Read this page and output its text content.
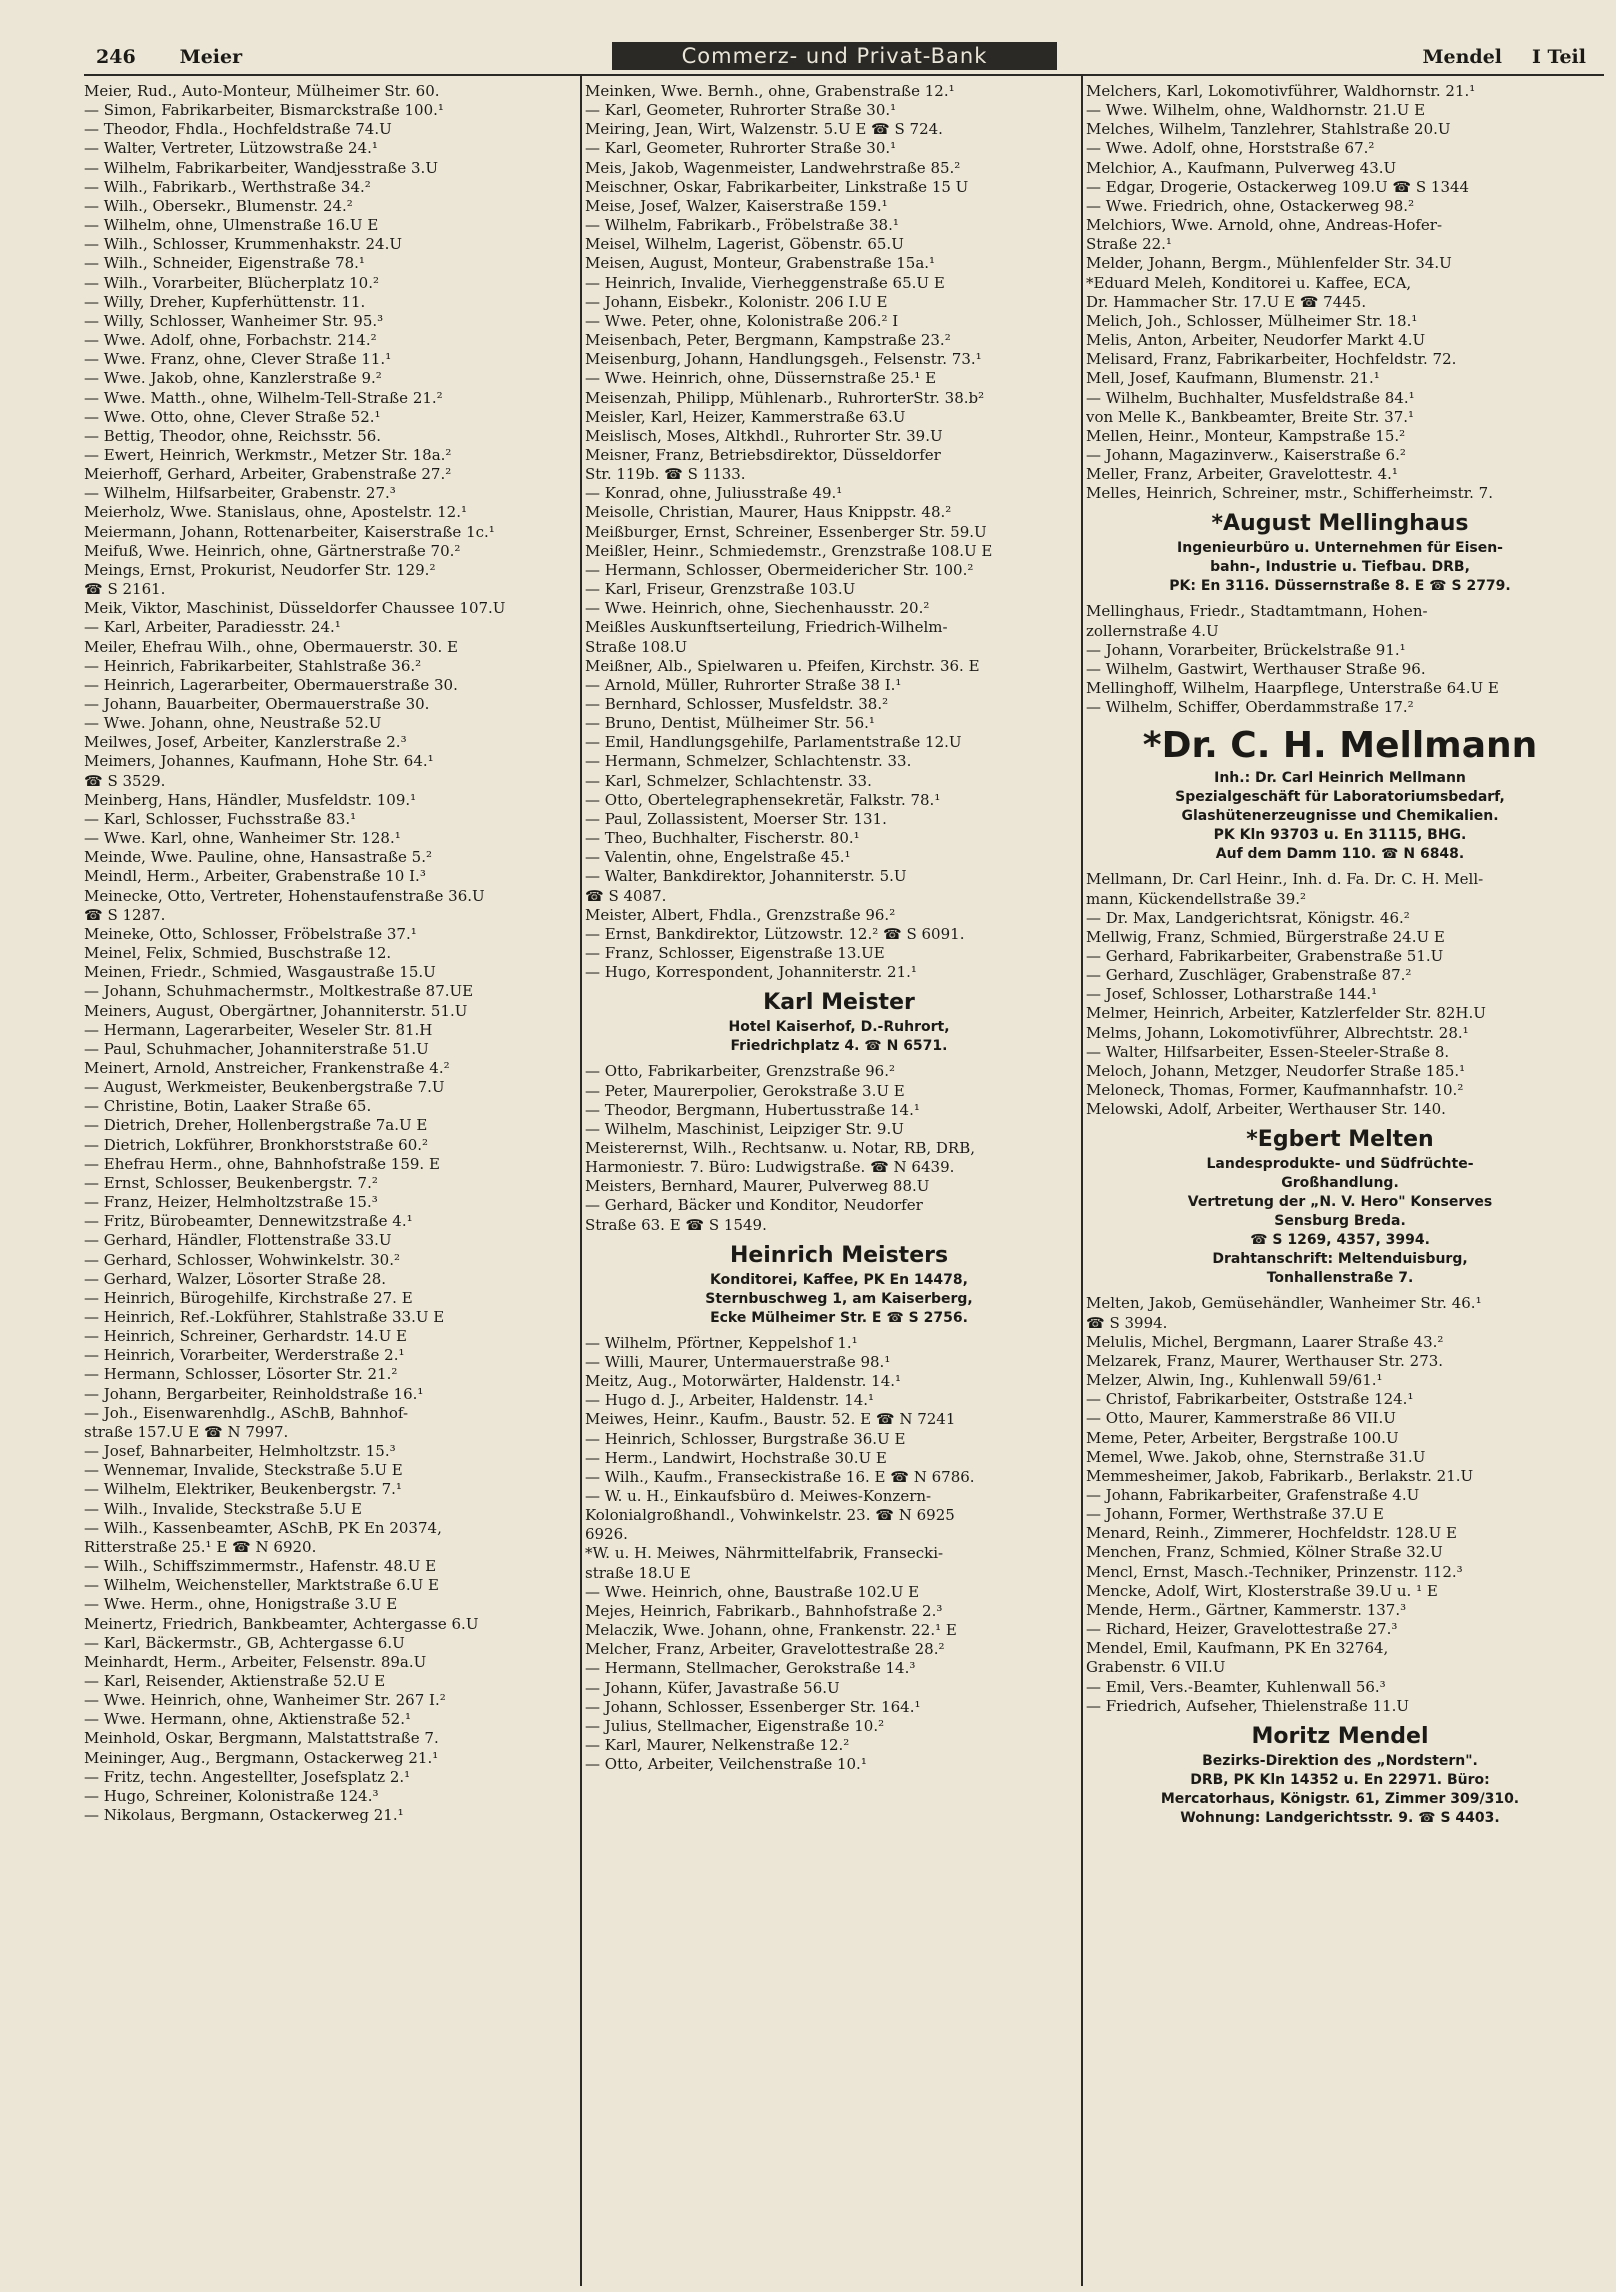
246 Meier	Commerz- und Privat-Bank	Mendel I Teil
Meier, Rud., Auto-Monteur, Mülheimer Str. 60.
— Simon, Fabrikarbeiter, Bismarckstraße 100.¹
— Theodor, Fhdla., Hochfeldstraße 74.U
— Walter, Vertreter, Lützowstraße 24.¹
— Wilhelm, Fabrikarbeiter, Wandjesstraße 3.U
— Wilh., Fabrikarb., Werthstraße 34.²
— Wilh., Obersekr., Blumenstr. 24.²
— Wilhelm, ohne, Ulmenstraße 16.U E
— Wilh., Schlosser, Krummenhakstr. 24.U
— Wilh., Schneider, Eigenstraße 78.¹
— Wilh., Vorarbeiter, Blücherplatz 10.²
— Willy, Dreher, Kupferhüttenstr. 11.
— Willy, Schlosser, Wanheimer Str. 95.³
— Wwe. Adolf, ohne, Forbachstr. 214.²
— Wwe. Franz, ohne, Clever Straße 11.¹
— Wwe. Jakob, ohne, Kanzlerstraße 9.²
— Wwe. Matth., ohne, Wilhelm-Tell-Straße 21.²
— Wwe. Otto, ohne, Clever Straße 52.¹
— Bettig, Theodor, ohne, Reichsstr. 56.
— Ewert, Heinrich, Werkmstr., Metzer Str. 18a.²
Meierhoff, Gerhard, Arbeiter, Grabenstraße 27.²
— Wilhelm, Hilfsarbeiter, Grabenstr. 27.³
Meierholz, Wwe. Stanislaus, ohne, Apostelstr. 12.¹
Meiermann, Johann, Rottenarbeiter, Kaiserstraße 1c.¹
Meifuß, Wwe. Heinrich, ohne, Gärtnerstraße 70.²
Meings, Ernst, Prokurist, Neudorfer Str. 129.²
☎ S 2161.
Meik, Viktor, Maschinist, Düsseldorfer Chaussee 107.U
— Karl, Arbeiter, Paradiesstr. 24.¹
Meiler, Ehefrau Wilh., ohne, Obermauerstr. 30. E
— Heinrich, Fabrikarbeiter, Stahlstraße 36.²
— Heinrich, Lagerarbeiter, Obermauerstraße 30.
— Johann, Bauarbeiter, Obermauerstraße 30.
— Wwe. Johann, ohne, Neustraße 52.U
Meilwes, Josef, Arbeiter, Kanzlerstraße 2.³
Meimers, Johannes, Kaufmann, Hohe Str. 64.¹
☎ S 3529.
Meinberg, Hans, Händler, Musfeldstr. 109.¹
— Karl, Schlosser, Fuchsstraße 83.¹
— Wwe. Karl, ohne, Wanheimer Str. 128.¹
Meinde, Wwe. Pauline, ohne, Hansastraße 5.²
Meindl, Herm., Arbeiter, Grabenstraße 10 I.³
Meinecke, Otto, Vertreter, Hohenstaufenstraße 36.U
☎ S 1287.
Meineke, Otto, Schlosser, Fröbelstraße 37.¹
Meinel, Felix, Schmied, Buschstraße 12.
Meinen, Friedr., Schmied, Wasgaustraße 15.U
— Johann, Schuhmachermstr., Moltkestraße 87.UE
Meiners, August, Obergärtner, Johanniterstr. 51.U
— Hermann, Lagerarbeiter, Weseler Str. 81.H
— Paul, Schuhmacher, Johanniterstraße 51.U
Meinert, Arnold, Anstreicher, Frankenstraße 4.²
— August, Werkmeister, Beukenbergstraße 7.U
— Christine, Botin, Laaker Straße 65.
— Dietrich, Dreher, Hollenbergstraße 7a.U E
— Dietrich, Lokführer, Bronkhorststraße 60.²
— Ehefrau Herm., ohne, Bahnhofstraße 159. E
— Ernst, Schlosser, Beukenbergstr. 7.²
— Franz, Heizer, Helmholtzstraße 15.³
— Fritz, Bürobeamter, Dennewitzstraße 4.¹
— Gerhard, Händler, Flottenstraße 33.U
— Gerhard, Schlosser, Wohwinkelstr. 30.²
— Gerhard, Walzer, Lösorter Straße 28.
— Heinrich, Bürogehilfe, Kirchstraße 27. E
— Heinrich, Ref.-Lokführer, Stahlstraße 33.U E
— Heinrich, Schreiner, Gerhardstr. 14.U E
— Heinrich, Vorarbeiter, Werderstraße 2.¹
— Hermann, Schlosser, Lösorter Str. 21.²
— Johann, Bergarbeiter, Reinholdstraße 16.¹
— Joh., Eisenwarenhdlg., ASchB, Bahnhof-
straße 157.U E ☎ N 7997.
— Josef, Bahnarbeiter, Helmholtzstr. 15.³
— Wennemar, Invalide, Steckstraße 5.U E
— Wilhelm, Elektriker, Beukenbergstr. 7.¹
— Wilh., Invalide, Steckstraße 5.U E
— Wilh., Kassenbeamter, ASchB, PK En 20374,
Ritterstraße 25.¹ E ☎ N 6920.
— Wilh., Schiffszimmermstr., Hafenstr. 48.U E
— Wilhelm, Weichensteller, Marktstraße 6.U E
— Wwe. Herm., ohne, Honigstraße 3.U E
Meinertz, Friedrich, Bankbeamter, Achtergasse 6.U
— Karl, Bäckermstr., GB, Achtergasse 6.U
Meinhardt, Herm., Arbeiter, Felsenstr. 89a.U
— Karl, Reisender, Aktienstraße 52.U E
— Wwe. Heinrich, ohne, Wanheimer Str. 267 I.²
— Wwe. Hermann, ohne, Aktienstraße 52.¹
Meinhold, Oskar, Bergmann, Malstattstraße 7.
Meininger, Aug., Bergmann, Ostackerweg 21.¹
— Fritz, techn. Angestellter, Josefsplatz 2.¹
— Hugo, Schreiner, Kolonistraße 124.³
— Nikolaus, Bergmann, Ostackerweg 21.¹
Meinken, Wwe. Bernh., ohne, Grabenstraße 12.¹
— Karl, Geometer, Ruhrorter Straße 30.¹
Meiring, Jean, Wirt, Walzenstr. 5.U E ☎ S 724.
— Karl, Geometer, Ruhrorter Straße 30.¹
Meis, Jakob, Wagenmeister, Landwehrstraße 85.²
Meischner, Oskar, Fabrikarbeiter, Linkstraße 15 U
Meise, Josef, Walzer, Kaiserstraße 159.¹
— Wilhelm, Fabrikarb., Fröbelstraße 38.¹
Meisel, Wilhelm, Lagerist, Göbenstr. 65.U
Meisen, August, Monteur, Grabenstraße 15a.¹
— Heinrich, Invalide, Vierheggenstraße 65.U E
— Johann, Eisbekr., Kolonistr. 206 I.U E
— Wwe. Peter, ohne, Kolonistraße 206.² I
Meisenbach, Peter, Bergmann, Kampstraße 23.²
Meisenburg, Johann, Handlungsgeh., Felsenstr. 73.¹
— Wwe. Heinrich, ohne, Düssernstraße 25.¹ E
Meisenzah, Philipp, Mühlenarb., RuhrorterStr. 38.b²
Meisler, Karl, Heizer, Kammerstraße 63.U
Meislisch, Moses, Altkhdl., Ruhrorter Str. 39.U
Meisner, Franz, Betriebsdirektor, Düsseldorfer
Str. 119b. ☎ S 1133.
— Konrad, ohne, Juliusstraße 49.¹
Meisolle, Christian, Maurer, Haus Knippstr. 48.²
Meißburger, Ernst, Schreiner, Essenberger Str. 59.U
Meißler, Heinr., Schmiedemstr., Grenzstraße 108.U E
— Hermann, Schlosser, Obermeidericher Str. 100.²
— Karl, Friseur, Grenzstraße 103.U
— Wwe. Heinrich, ohne, Siechenhausstr. 20.²
Meißles Auskunftserteilung, Friedrich-Wilhelm-
Straße 108.U
Meißner, Alb., Spielwaren u. Pfeifen, Kirchstr. 36. E
— Arnold, Müller, Ruhrorter Straße 38 I.¹
— Bernhard, Schlosser, Musfeldstr. 38.²
— Bruno, Dentist, Mülheimer Str. 56.¹
— Emil, Handlungsgehilfe, Parlamentstraße 12.U
— Hermann, Schmelzer, Schlachtenstr. 33.
— Karl, Schmelzer, Schlachtenstr. 33.
— Otto, Obertelegraphensekretär, Falkstr. 78.¹
— Paul, Zollassistent, Moerser Str. 131.
— Theo, Buchhalter, Fischerstr. 80.¹
— Valentin, ohne, Engelstraße 45.¹
— Walter, Bankdirektor, Johanniterstr. 5.U
☎ S 4087.
Meister, Albert, Fhdla., Grenzstraße 96.²
— Ernst, Bankdirektor, Lützowstr. 12.² ☎ S 6091.
— Franz, Schlosser, Eigenstraße 13.UE
— Hugo, Korrespondent, Johanniterstr. 21.¹
Karl Meister
Hotel Kaiserhof, D.-Ruhrort,
Friedrichplatz 4. ☎ N 6571.
— Otto, Fabrikarbeiter, Grenzstraße 96.²
— Peter, Maurerpolier, Gerokstraße 3.U E
— Theodor, Bergmann, Hubertusstraße 14.¹
— Wilhelm, Maschinist, Leipziger Str. 9.U
Meisterernst, Wilh., Rechtsanw. u. Notar, RB, DRB,
Harmoniestr. 7. Büro: Ludwigstraße. ☎ N 6439.
Meisters, Bernhard, Maurer, Pulverweg 88.U
— Gerhard, Bäcker und Konditor, Neudorfer
Straße 63. E ☎ S 1549.
Heinrich Meisters
Konditorei, Kaffee, PK En 14478,
Sternbuschweg 1, am Kaiserberg,
Ecke Mülheimer Str. E ☎ S 2756.
— Wilhelm, Pförtner, Keppelshof 1.¹
— Willi, Maurer, Untermauerstraße 98.¹
Meitz, Aug., Motorwärter, Haldenstr. 14.¹
— Hugo d. J., Arbeiter, Haldenstr. 14.¹
Meiwes, Heinr., Kaufm., Baustr. 52. E ☎ N 7241
— Heinrich, Schlosser, Burgstraße 36.U E
— Herm., Landwirt, Hochstraße 30.U E
— Wilh., Kaufm., Franseckistraße 16. E ☎ N 6786.
— W. u. H., Einkaufsbüro d. Meiwes-Konzern-
Kolonialgroßhandl., Vohwinkelstr. 23. ☎ N 6925
6926.
*W. u. H. Meiwes, Nährmittelfabrik, Fransecki-
straße 18.U E
— Wwe. Heinrich, ohne, Baustraße 102.U E
Mejes, Heinrich, Fabrikarb., Bahnhofstraße 2.³
Melaczik, Wwe. Johann, ohne, Frankenstr. 22.¹ E
Melcher, Franz, Arbeiter, Gravelottestraße 28.²
— Hermann, Stellmacher, Gerokstraße 14.³
— Johann, Küfer, Javastraße 56.U
— Johann, Schlosser, Essenberger Str. 164.¹
— Julius, Stellmacher, Eigenstraße 10.²
— Karl, Maurer, Nelkenstraße 12.²
— Otto, Arbeiter, Veilchenstraße 10.¹
Melchers, Karl, Lokomotivführer, Waldhornstr. 21.¹
— Wwe. Wilhelm, ohne, Waldhornstr. 21.U E
Melches, Wilhelm, Tanzlehrer, Stahlstraße 20.U
— Wwe. Adolf, ohne, Horststraße 67.²
Melchior, A., Kaufmann, Pulverweg 43.U
— Edgar, Drogerie, Ostackerweg 109.U ☎ S 1344
— Wwe. Friedrich, ohne, Ostackerweg 98.²
Melchiors, Wwe. Arnold, ohne, Andreas-Hofer-
Straße 22.¹
Melder, Johann, Bergm., Mühlenfelder Str. 34.U
*Eduard Meleh, Konditorei u. Kaffee, ECA,
Dr. Hammacher Str. 17.U E ☎ 7445.
Melich, Joh., Schlosser, Mülheimer Str. 18.¹
Melis, Anton, Arbeiter, Neudorfer Markt 4.U
Melisard, Franz, Fabrikarbeiter, Hochfeldstr. 72.
Mell, Josef, Kaufmann, Blumenstr. 21.¹
— Wilhelm, Buchhalter, Musfeldstraße 84.¹
von Melle K., Bankbeamter, Breite Str. 37.¹
Mellen, Heinr., Monteur, Kampstraße 15.²
— Johann, Magazinverw., Kaiserstraße 6.²
Meller, Franz, Arbeiter, Gravelottestr. 4.¹
Melles, Heinrich, Schreiner, mstr., Schifferheimstr. 7.
*August Mellinghaus
Ingenieurbüro u. Unternehmen für Eisen-
bahn-, Industrie u. Tiefbau. DRB,
PK: En 3116. Düssernstraße 8. E ☎ S 2779.
Mellinghaus, Friedr., Stadtamtmann, Hohen-
zollernstraße 4.U
— Johann, Vorarbeiter, Brückelstraße 91.¹
— Wilhelm, Gastwirt, Werthauser Straße 96.
Mellinghoff, Wilhelm, Haarpflege, Unterstraße 64.U E
— Wilhelm, Schiffer, Oberdammstraße 17.²
*Dr. C. H. Mellmann
Inh.: Dr. Carl Heinrich Mellmann
Spezialgeschäft für Laboratoriumsbedarf,
Glashütenerzeugnisse und Chemikalien.
PK Kln 93703 u. En 31115, BHG.
Auf dem Damm 110. ☎ N 6848.
Mellmann, Dr. Carl Heinr., Inh. d. Fa. Dr. C. H. Mell-
mann, Kückendellstraße 39.²
— Dr. Max, Landgerichtsrat, Königstr. 46.²
Mellwig, Franz, Schmied, Bürgerstraße 24.U E
— Gerhard, Fabrikarbeiter, Grabenstraße 51.U
— Gerhard, Zuschläger, Grabenstraße 87.²
— Josef, Schlosser, Lotharstraße 144.¹
Melmer, Heinrich, Arbeiter, Katzlerfelder Str. 82H.U
Melms, Johann, Lokomotivführer, Albrechtstr. 28.¹
— Walter, Hilfsarbeiter, Essen-Steeler-Straße 8.
Meloch, Johann, Metzger, Neudorfer Straße 185.¹
Meloneck, Thomas, Former, Kaufmannhafstr. 10.²
Melowski, Adolf, Arbeiter, Werthauser Str. 140.
*Egbert Melten
Landesprodukte- und Südfrüchte-
Großhandlung.
Vertretung der „N. V. Hero" Konserves
Sensburg Breda.
☎ S 1269, 4357, 3994.
Drahtanschrift: Meltenduisburg,
Tonhallenstraße 7.
Melten, Jakob, Gemüsehändler, Wanheimer Str. 46.¹
☎ S 3994.
Melulis, Michel, Bergmann, Laarer Straße 43.²
Melzarek, Franz, Maurer, Werthauser Str. 273.
Melzer, Alwin, Ing., Kuhlenwall 59/61.¹
— Christof, Fabrikarbeiter, Oststraße 124.¹
— Otto, Maurer, Kammerstraße 86 VII.U
Meme, Peter, Arbeiter, Bergstraße 100.U
Memel, Wwe. Jakob, ohne, Sternstraße 31.U
Memmesheimer, Jakob, Fabrikarb., Berlakstr. 21.U
— Johann, Fabrikarbeiter, Grafenstraße 4.U
— Johann, Former, Werthstraße 37.U E
Menard, Reinh., Zimmerer, Hochfeldstr. 128.U E
Menchen, Franz, Schmied, Kölner Straße 32.U
Mencl, Ernst, Masch.-Techniker, Prinzenstr. 112.³
Mencke, Adolf, Wirt, Klosterstraße 39.U u. ¹ E
Mende, Herm., Gärtner, Kammerstr. 137.³
— Richard, Heizer, Gravelottestraße 27.³
Mendel, Emil, Kaufmann, PK En 32764,
Grabenstr. 6 VII.U
— Emil, Vers.-Beamter, Kuhlenwall 56.³
— Friedrich, Aufseher, Thielenstraße 11.U
Moritz Mendel
Bezirks-Direktion des „Nordstern".
DRB, PK Kln 14352 u. En 22971. Büro:
Mercatorhaus, Königstr. 61, Zimmer 309/310.
Wohnung: Landgerichtsstr. 9. ☎ S 4403.
